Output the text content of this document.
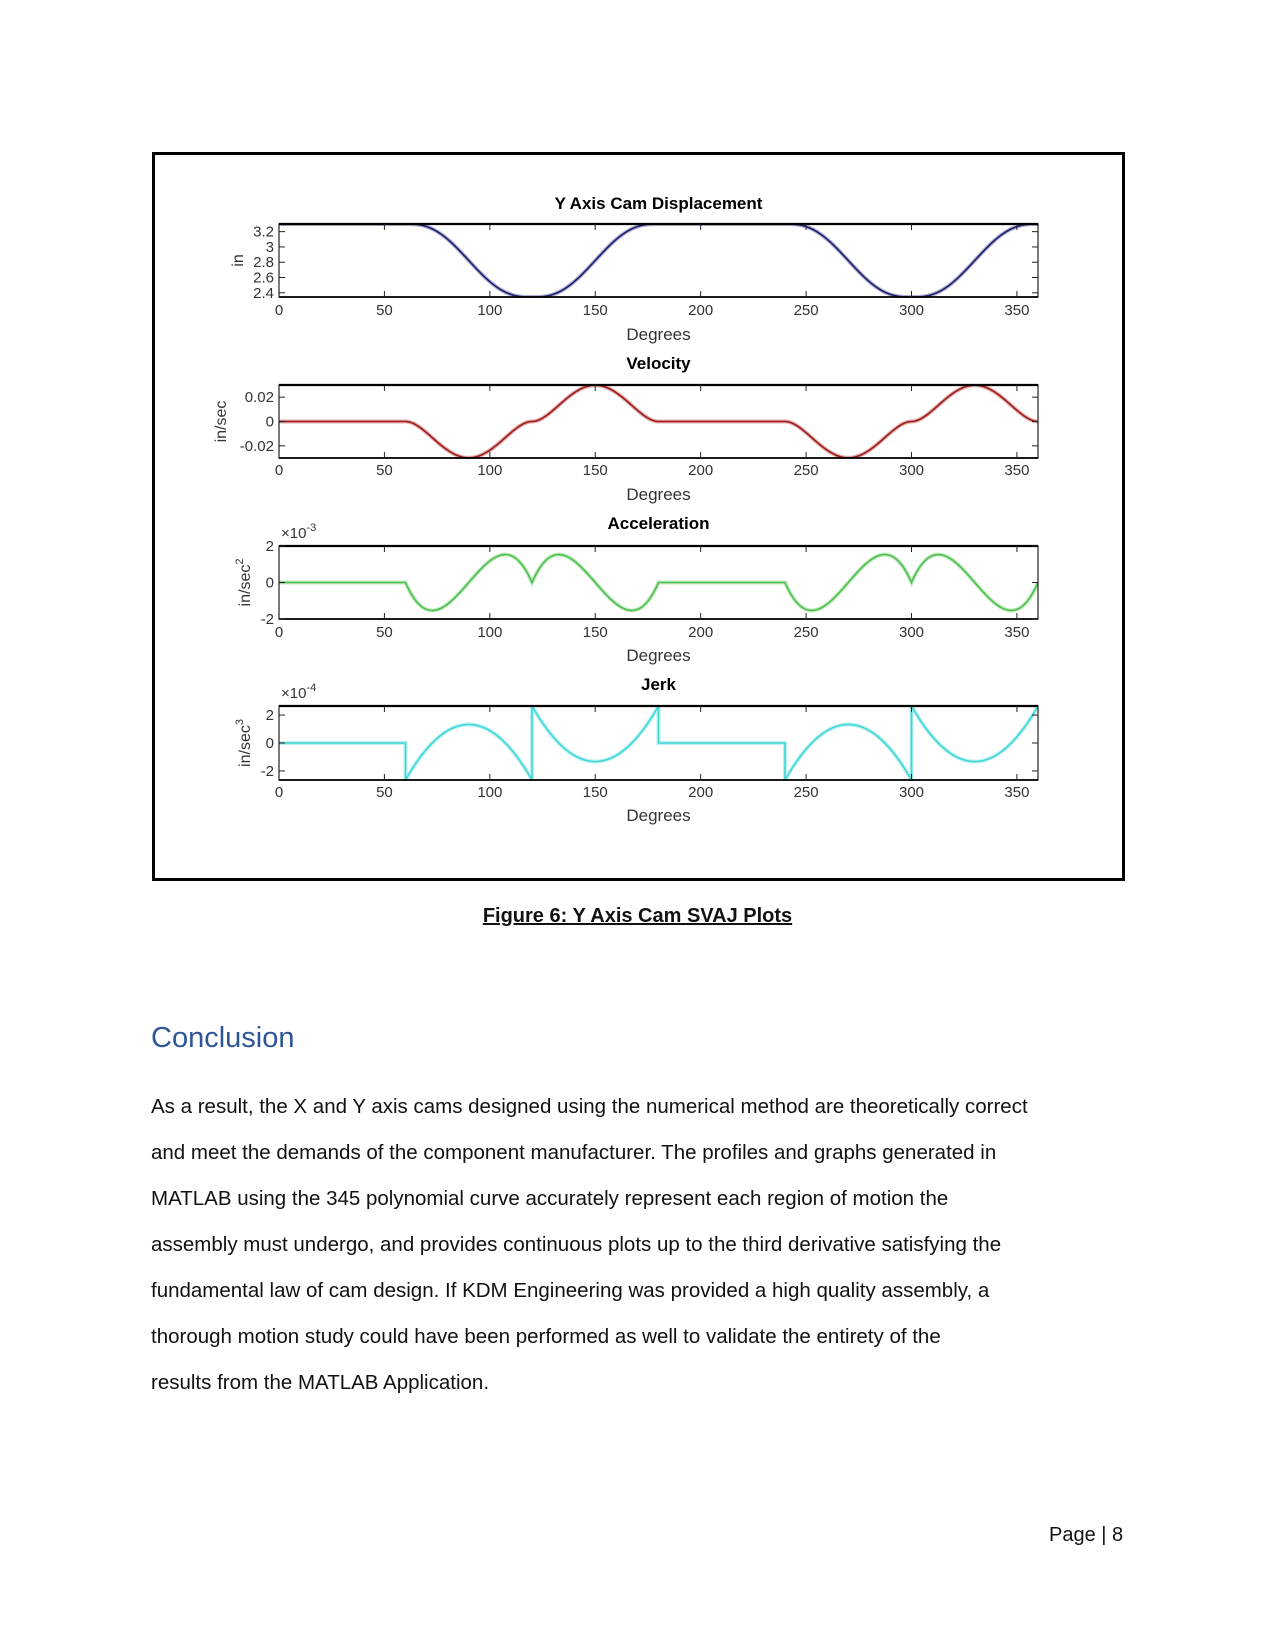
0	50	100	150	200	250	300	350
2.4
2.6
2.8
3
3.2
Y Axis Cam Displacement
Degrees
in
0	50	100	150	200	250	300	350
-0.02
0
0.02
Velocity
Degrees
in/sec
0	50	100	150	200	250	300	350
-2
0
2
Acceleration
Degrees
$in/\sec^2$
$\times 10^{-3}$
0	50	100	150	200	250	300	350
-2
0
2
Jerk
Degrees
$in/\sec^3$
$\times 10^{-4}$
Figure 6: Y Axis Cam SVAJ Plots
Conclusion
As a result, the X and Y axis cams designed using the numerical method are theoretically correct
and meet the demands of the component manufacturer. The profiles and graphs generated in
MATLAB using the 345 polynomial curve accurately represent each region of motion the
assembly must undergo, and provides continuous plots up to the third derivative satisfying the
fundamental law of cam design. If KDM Engineering was provided a high quality assembly, a
thorough motion study could have been performed as well to validate the entirety of the
results from the MATLAB Application.
Page | 8
